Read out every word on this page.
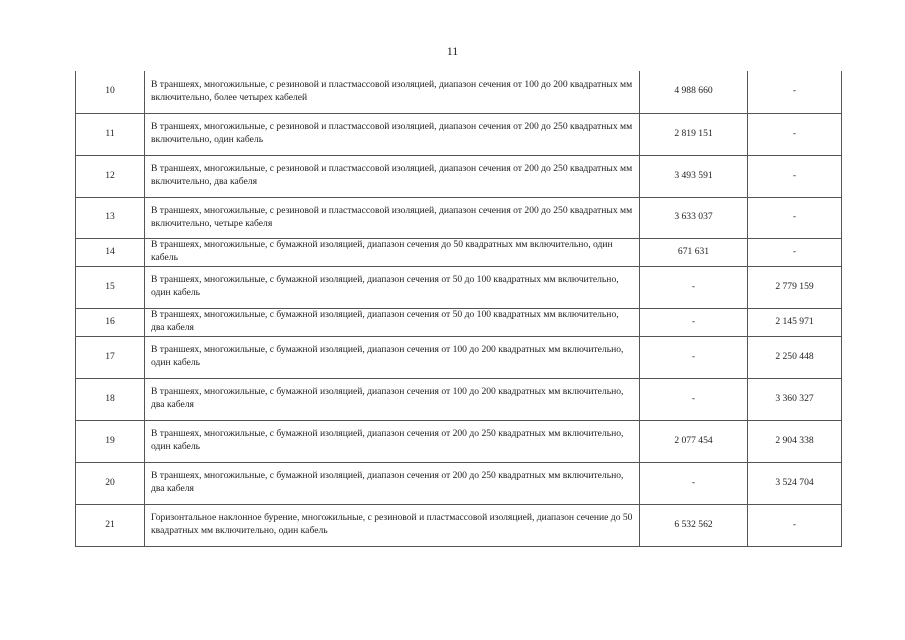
11
10	В траншеях, многожильные, с резиновой и пластмассовой изоляцией, диапазон сечения от 100 до 200 квадратных мм включительно, более четырех кабелей	4 988 660	-
11	В траншеях, многожильные, с резиновой и пластмассовой изоляцией, диапазон сечения от 200 до 250 квадратных мм включительно, один кабель	2 819 151	-
12	В траншеях, многожильные, с резиновой и пластмассовой изоляцией, диапазон сечения от 200 до 250 квадратных мм включительно, два кабеля	3 493 591	-
13	В траншеях, многожильные, с резиновой и пластмассовой изоляцией, диапазон сечения от 200 до 250 квадратных мм включительно, четыре кабеля	3 633 037	-
14	В траншеях, многожильные, с бумажной изоляцией, диапазон сечения до 50 квадратных мм включительно, один кабель	671 631	-
15	В траншеях, многожильные, с бумажной изоляцией, диапазон сечения от 50 до 100 квадратных мм включительно, один кабель	-	2 779 159
16	В траншеях, многожильные, с бумажной изоляцией, диапазон сечения от 50 до 100 квадратных мм включительно, два кабеля	-	2 145 971
17	В траншеях, многожильные, с бумажной изоляцией, диапазон сечения от 100 до 200 квадратных мм включительно, один кабель	-	2 250 448
18	В траншеях, многожильные, с бумажной изоляцией, диапазон сечения от 100 до 200 квадратных мм включительно, два кабеля	-	3 360 327
19	В траншеях, многожильные, с бумажной изоляцией, диапазон сечения от 200 до 250 квадратных мм включительно, один кабель	2 077 454	2 904 338
20	В траншеях, многожильные, с бумажной изоляцией, диапазон сечения от 200 до 250 квадратных мм включительно, два кабеля	-	3 524 704
21	Горизонтальное наклонное бурение, многожильные, с резиновой и пластмассовой изоляцией, диапазон сечение до 50 квадратных мм включительно, один кабель	6 532 562	-
